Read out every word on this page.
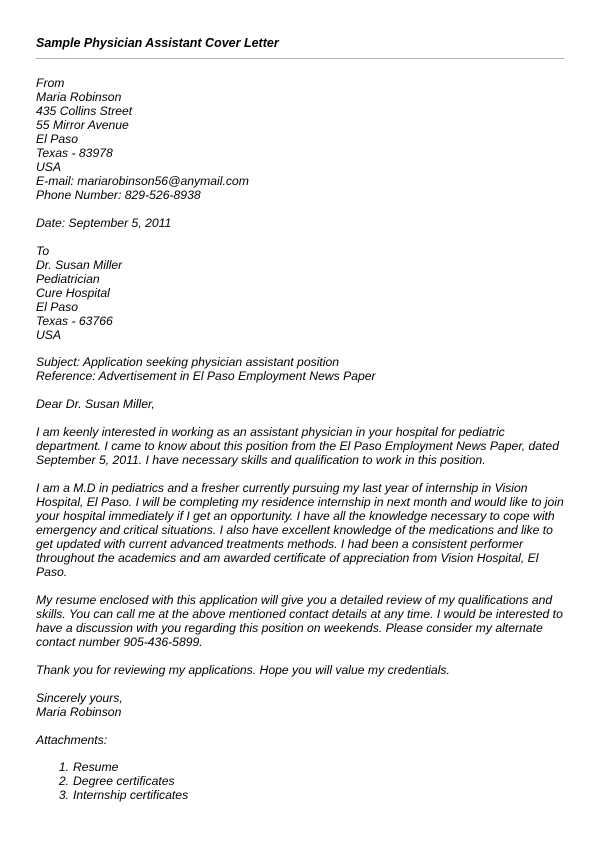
Sample Physician Assistant Cover Letter
From
Maria Robinson
435 Collins Street
55 Mirror Avenue
El Paso
Texas - 83978
USA
E-mail: mariarobinson56@anymail.com
Phone Number: 829-526-8938
Date: September 5, 2011
To
Dr. Susan Miller
Pediatrician
Cure Hospital
El Paso
Texas - 63766
USA
Subject: Application seeking physician assistant position
Reference: Advertisement in El Paso Employment News Paper
Dear Dr. Susan Miller,
I am keenly interested in working as an assistant physician in your hospital for pediatric
department. I came to know about this position from the El Paso Employment News Paper, dated
September 5, 2011. I have necessary skills and qualification to work in this position.
I am a M.D in pediatrics and a fresher currently pursuing my last year of internship in Vision
Hospital, El Paso. I will be completing my residence internship in next month and would like to join
your hospital immediately if I get an opportunity. I have all the knowledge necessary to cope with
emergency and critical situations. I also have excellent knowledge of the medications and like to
get updated with current advanced treatments methods. I had been a consistent performer
throughout the academics and am awarded certificate of appreciation from Vision Hospital, El
Paso.
My resume enclosed with this application will give you a detailed review of my qualifications and
skills. You can call me at the above mentioned contact details at any time. I would be interested to
have a discussion with you regarding this position on weekends. Please consider my alternate
contact number 905-436-5899.
Thank you for reviewing my applications. Hope you will value my credentials.
Sincerely yours,
Maria Robinson
Attachments:
1. Resume
2. Degree certificates
3. Internship certificates
